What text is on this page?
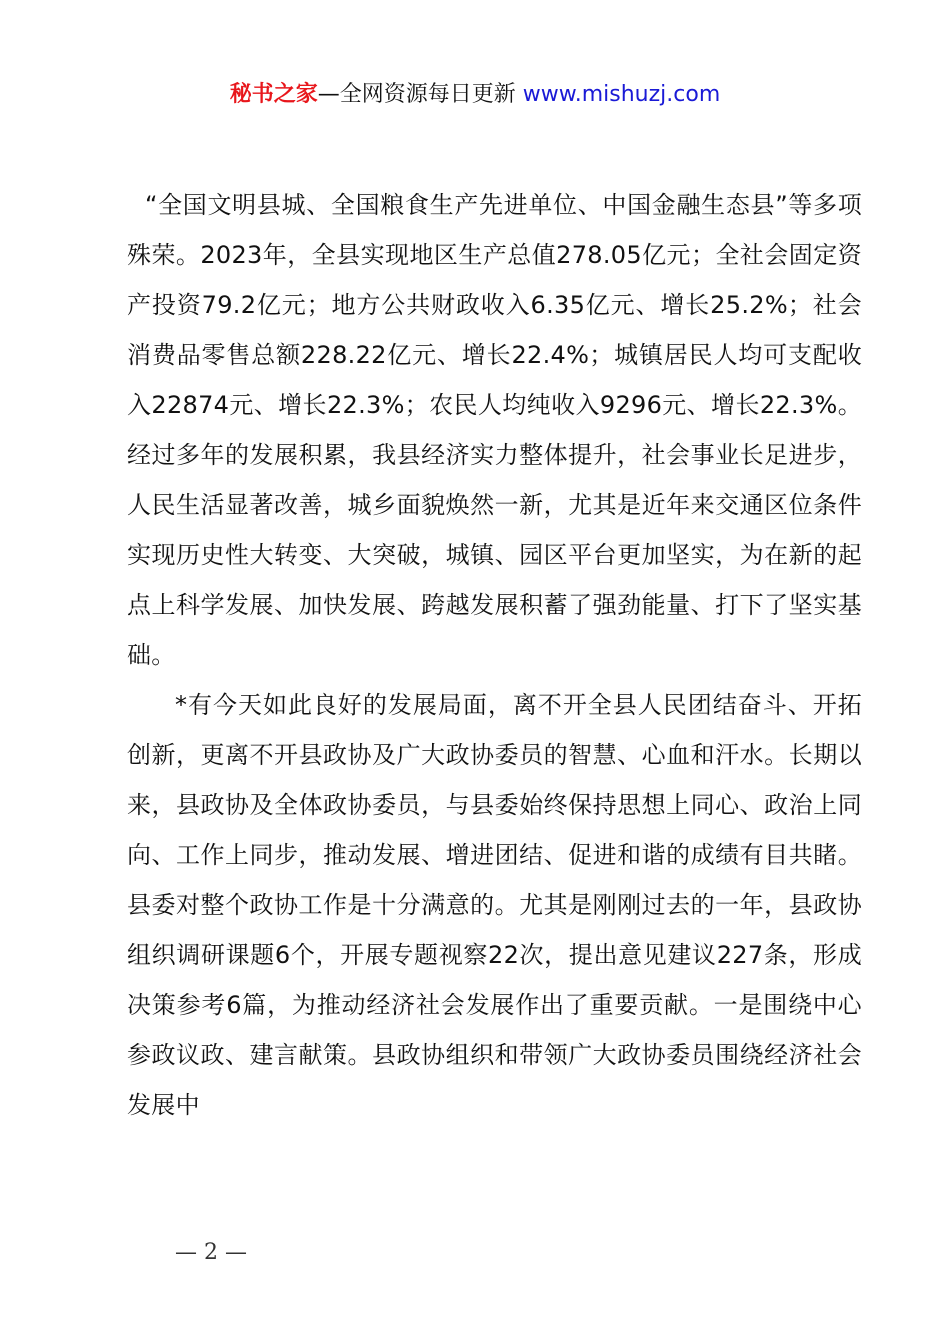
秘书之家—全网资源每日更新 www.mishuzj.com

“全国文明县城、全国粮食生产先进单位、中国金融生态县”等多项殊荣。2023年，全县实现地区生产总值278.05亿元；全社会固定资产投资79.2亿元；地方公共财政收入6.35亿元、增长25.2%；社会消费品零售总额228.22亿元、增长22.4%；城镇居民人均可支配收入22874元、增长22.3%；农民人均纯收入9296元、增长22.3%。经过多年的发展积累，我县经济实力整体提升，社会事业长足进步，人民生活显著改善，城乡面貌焕然一新，尤其是近年来交通区位条件实现历史性大转变、大突破，城镇、园区平台更加坚实，为在新的起点上科学发展、加快发展、跨越发展积蓄了强劲能量、打下了坚实基础。

*有今天如此良好的发展局面，离不开全县人民团结奋斗、开拓创新，更离不开县政协及广大政协委员的智慧、心血和汗水。长期以来，县政协及全体政协委员，与县委始终保持思想上同心、政治上同向、工作上同步，推动发展、增进团结、促进和谐的成绩有目共睹。县委对整个政协工作是十分满意的。尤其是刚刚过去的一年，县政协组织调研课题6个，开展专题视察22次，提出意见建议227条，形成决策参考6篇，为推动经济社会发展作出了重要贡献。一是围绕中心参政议政、建言献策。县政协组织和带领广大政协委员围绕经济社会发展中

— 2 —
